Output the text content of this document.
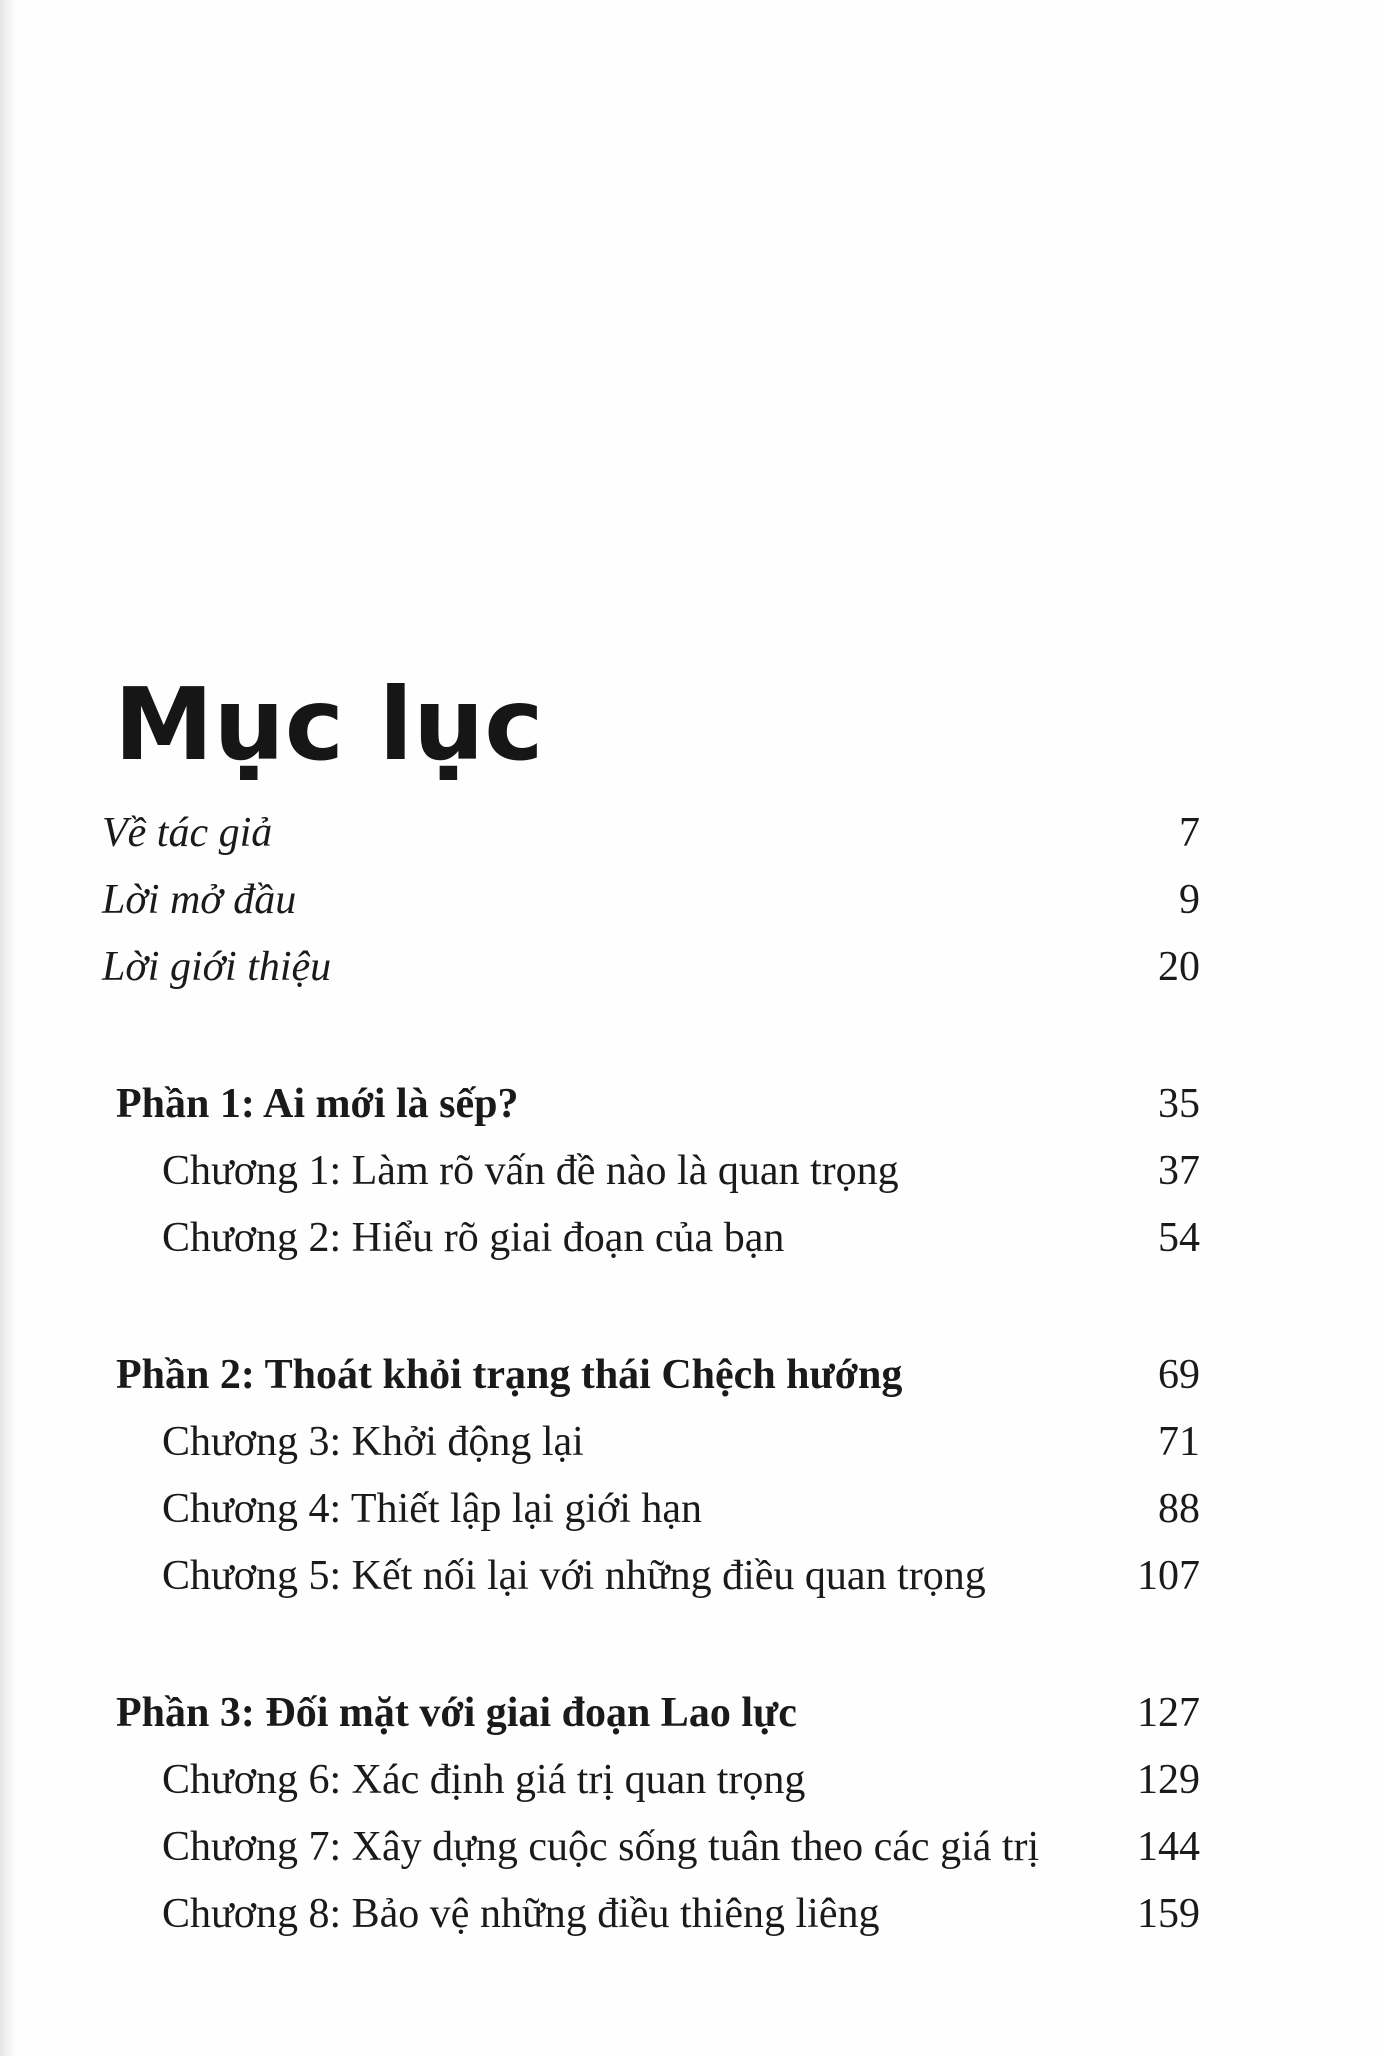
Mục lục
Về tác giả	7
Lời mở đầu	9
Lời giới thiệu	20
Phần 1: Ai mới là sếp?	35
Chương 1: Làm rõ vấn đề nào là quan trọng	37
Chương 2: Hiểu rõ giai đoạn của bạn	54
Phần 2: Thoát khỏi trạng thái Chệch hướng	69
Chương 3: Khởi động lại	71
Chương 4: Thiết lập lại giới hạn	88
Chương 5: Kết nối lại với những điều quan trọng	107
Phần 3: Đối mặt với giai đoạn Lao lực	127
Chương 6: Xác định giá trị quan trọng	129
Chương 7: Xây dựng cuộc sống tuân theo các giá trị	144
Chương 8: Bảo vệ những điều thiêng liêng	159
